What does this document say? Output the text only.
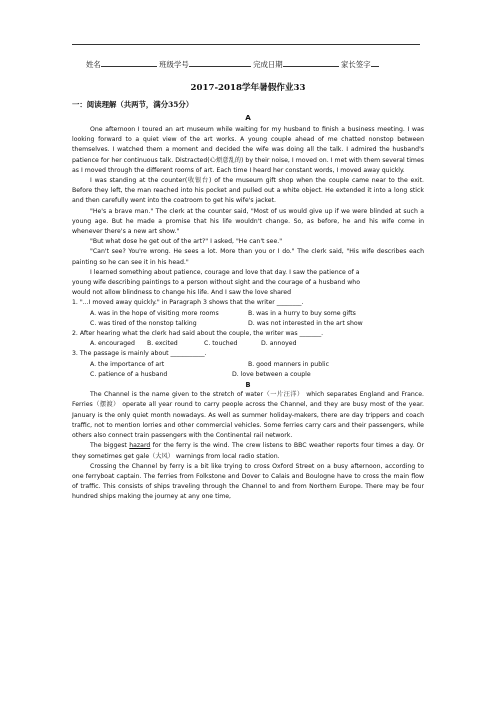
姓名	班级学号	完成日期	家长签字
2017-2018学年暑假作业33
一：阅读理解（共两节，满分35分）
A

One afternoon I toured an art museum while waiting for my husband to finish a business meeting. I was looking forward to a quiet view of the art works. A young couple ahead of me chatted nonstop between themselves. I watched them a moment and decided the wife was doing all the talk. I admired the husband's patience for her continuous talk. Distracted(心烦意乱的) by their noise, I moved on. I met with them several times as I moved through the different rooms of art. Each time I heard her constant words, I moved away quickly.

I was standing at the counter(收银台) of the museum gift shop when the couple came near to the exit. Before they left, the man reached into his pocket and pulled out a white object. He extended it into a long stick and then carefully went into the coatroom to get his wife's jacket.

"He's a brave man." The clerk at the counter said, "Most of us would give up if we were blinded at such a young age. But he made a promise that his life wouldn't change. So, as before, he and his wife come in whenever there's a new art show."

"But what dose he get out of the art?" I asked, "He can't see."

"Can't see? You're wrong. He sees a lot. More than you or I do." The clerk said, "His wife describes each painting so he can see it in his head."

I learned something about patience, courage and love that day. I saw the patience of a

young wife describing paintings to a person without sight and the courage of a husband who

would not allow blindness to change his life. And I saw the love shared

1. "...I moved away quickly." in Paragraph 3 shows that the writer ________.

A. was in the hope of visiting more rooms	B. was in a hurry to buy some gifts

C. was tired of the nonstop talking	D. was not interested in the art show

2. After hearing what the clerk had said about the couple, the writer was _______.

A. encouraged B. excited	C. touched	D. annoyed

3. The passage is mainly about ___________.

A. the importance of art	B. good manners in public

C. patience of a husband	D. love between a couple

B

The Channel is the name given to the stretch of water（一片汪洋） which separates England and France. Ferries（摆渡） operate all year round to carry people across the Channel, and they are busy most of the year. January is the only quiet month nowadays. As well as summer holiday-makers, there are day trippers and coach traffic, not to mention lorries and other commercial vehicles. Some ferries carry cars and their passengers, while others also connect train passengers with the Continental rail network.

The biggest hazard for the ferry is the wind. The crew listens to BBC weather reports four times a day. Or they sometimes get gale（大风） warnings from local radio station.

Crossing the Channel by ferry is a bit like trying to cross Oxford Street on a busy afternoon, according to one ferryboat captain. The ferries from Folkstone and Dover to Calais and Boulogne have to cross the main flow of traffic. This consists of ships traveling through the Channel to and from Northern Europe. There may be four hundred ships making the journey at any one time,
